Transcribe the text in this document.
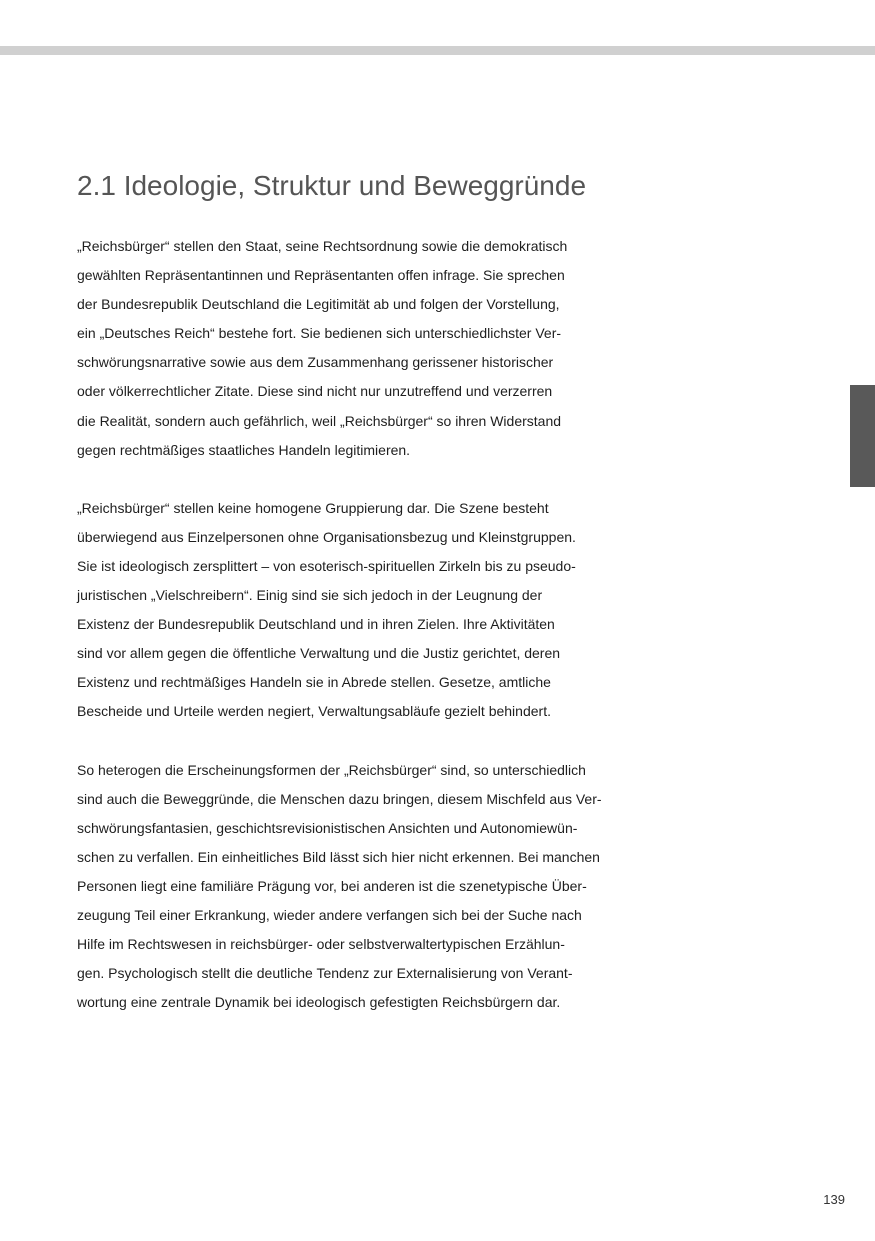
2.1 Ideologie, Struktur und Beweggründe

„Reichsbürger“ stellen den Staat, seine Rechtsordnung sowie die demokratisch
gewählten Repräsentantinnen und Repräsentanten offen infrage. Sie sprechen
der Bundesrepublik Deutschland die Legitimität ab und folgen der Vorstellung,
ein „Deutsches Reich“ bestehe fort. Sie bedienen sich unterschiedlichster Ver-
schwörungsnarrative sowie aus dem Zusammenhang gerissener historischer
oder völkerrechtlicher Zitate. Diese sind nicht nur unzutreffend und verzerren
die Realität, sondern auch gefährlich, weil „Reichsbürger“ so ihren Widerstand
gegen rechtmäßiges staatliches Handeln legitimieren.

„Reichsbürger“ stellen keine homogene Gruppierung dar. Die Szene besteht
überwiegend aus Einzelpersonen ohne Organisationsbezug und Kleinstgruppen.
Sie ist ideologisch zersplittert – von esoterisch-spirituellen Zirkeln bis zu pseudo-
juristischen „Vielschreibern“. Einig sind sie sich jedoch in der Leugnung der
Existenz der Bundesrepublik Deutschland und in ihren Zielen. Ihre Aktivitäten
sind vor allem gegen die öffentliche Verwaltung und die Justiz gerichtet, deren
Existenz und rechtmäßiges Handeln sie in Abrede stellen. Gesetze, amtliche
Bescheide und Urteile werden negiert, Verwaltungsabläufe gezielt behindert.

So heterogen die Erscheinungsformen der „Reichsbürger“ sind, so unterschiedlich
sind auch die Beweggründe, die Menschen dazu bringen, diesem Mischfeld aus Ver-
schwörungsfantasien, geschichtsrevisionistischen Ansichten und Autonomiewün-
schen zu verfallen. Ein einheitliches Bild lässt sich hier nicht erkennen. Bei manchen
Personen liegt eine familiäre Prägung vor, bei anderen ist die szenetypische Über-
zeugung Teil einer Erkrankung, wieder andere verfangen sich bei der Suche nach
Hilfe im Rechtswesen in reichsbürger- oder selbstverwaltertypischen Erzählun-
gen. Psychologisch stellt die deutliche Tendenz zur Externalisierung von Verant-
wortung eine zentrale Dynamik bei ideologisch gefestigten Reichsbürgern dar.

139
